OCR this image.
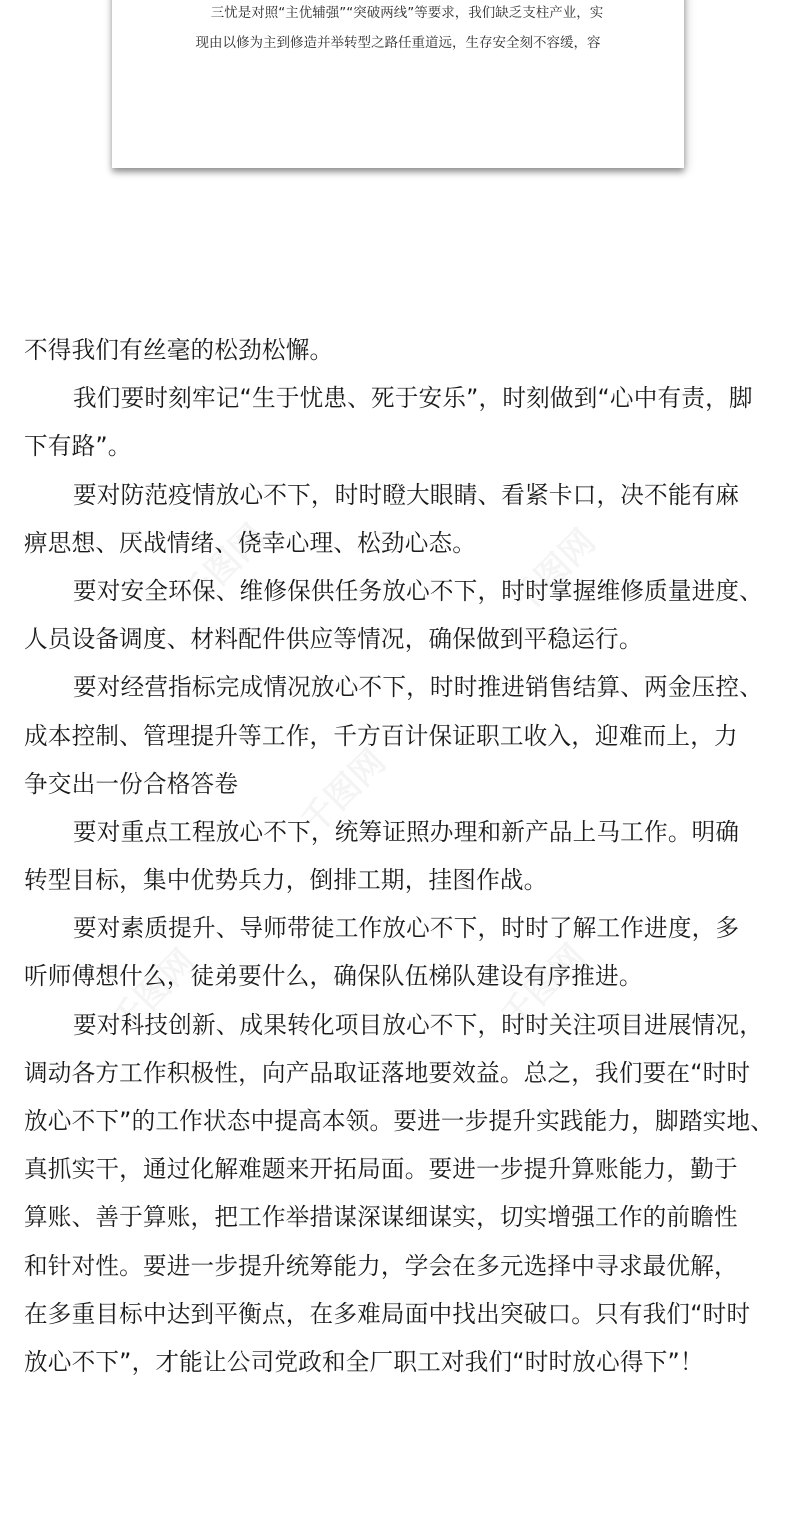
三忧是对照“主优辅强”“突破两线”等要求，我们缺乏支柱产业，实
现由以修为主到修造并举转型之路任重道远，生存安全刻不容缓，容
不得我们有丝毫的松劲松懈。
我们要时刻牢记“生于忧患、死于安乐”，时刻做到“心中有责，脚
下有路”。
要对防范疫情放心不下，时时瞪大眼睛、看紧卡口，决不能有麻
痹思想、厌战情绪、侥幸心理、松劲心态。
要对安全环保、维修保供任务放心不下，时时掌握维修质量进度、
人员设备调度、材料配件供应等情况，确保做到平稳运行。
要对经营指标完成情况放心不下，时时推进销售结算、两金压控、
成本控制、管理提升等工作，千方百计保证职工收入，迎难而上，力
争交出一份合格答卷
要对重点工程放心不下，统筹证照办理和新产品上马工作。明确
转型目标，集中优势兵力，倒排工期，挂图作战。
要对素质提升、导师带徒工作放心不下，时时了解工作进度，多
听师傅想什么，徒弟要什么，确保队伍梯队建设有序推进。
要对科技创新、成果转化项目放心不下，时时关注项目进展情况，
调动各方工作积极性，向产品取证落地要效益。总之，我们要在“时时
放心不下”的工作状态中提高本领。要进一步提升实践能力，脚踏实地、
真抓实干，通过化解难题来开拓局面。要进一步提升算账能力，勤于
算账、善于算账，把工作举措谋深谋细谋实，切实增强工作的前瞻性
和针对性。要进一步提升统筹能力，学会在多元选择中寻求最优解，
在多重目标中达到平衡点，在多难局面中找出突破口。只有我们“时时
放心不下”，才能让公司党政和全厂职工对我们“时时放心得下”！
